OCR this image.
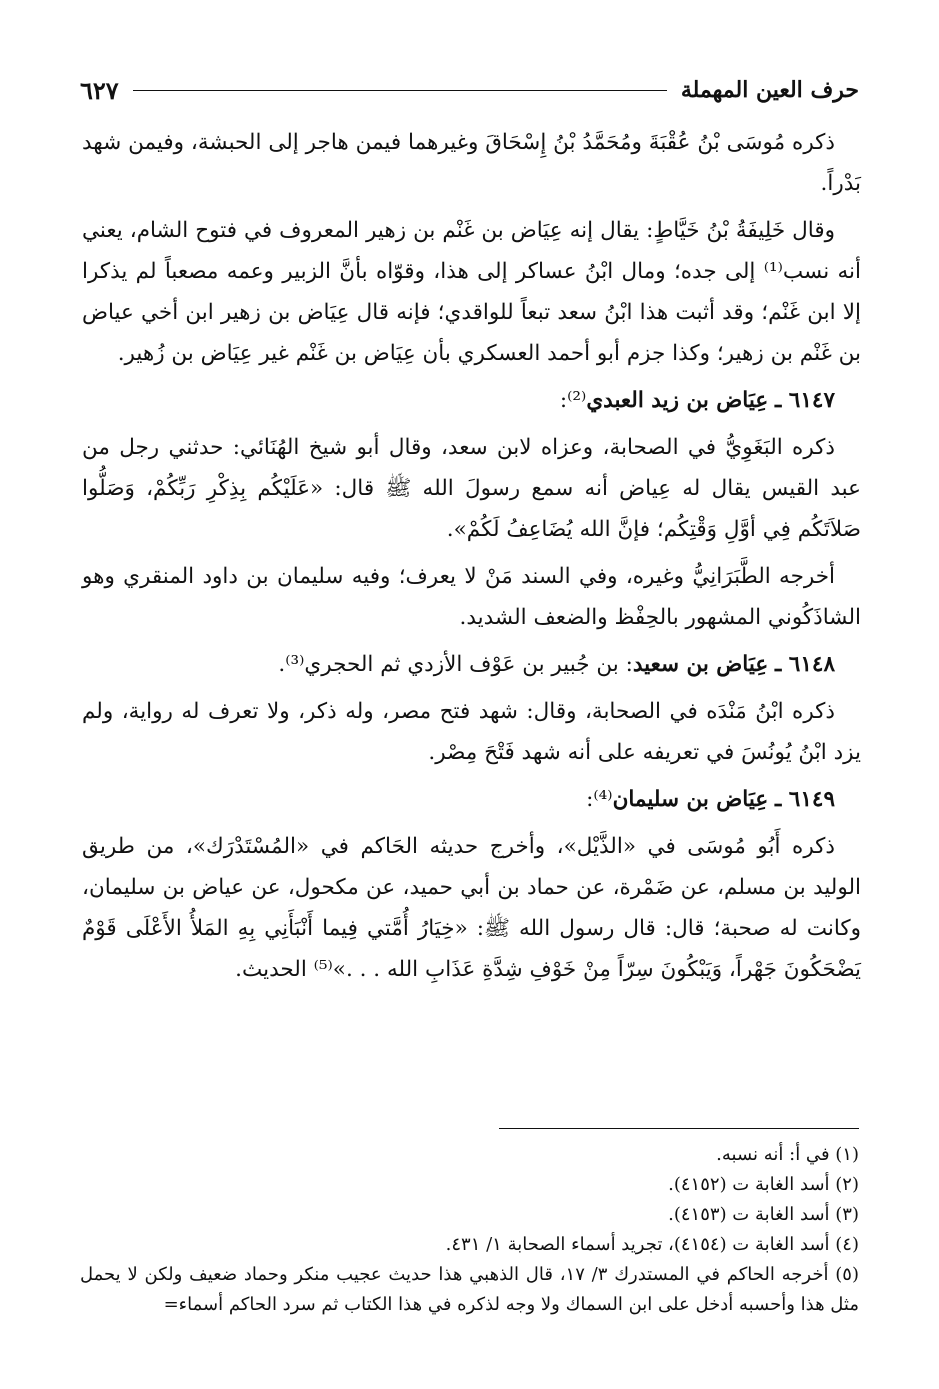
حرف العين المهملة
٦٢٧

ذكره مُوسَى بْنُ عُقْبَةَ ومُحَمَّدُ بْنُ إِسْحَاقَ وغيرهما فيمن هاجر إلى الحبشة، وفيمن شهد بَدْراً.

وقال خَلِيفَةُ بْنُ خَيَّاطٍ: يقال إنه عِيَاض بن غَنْم بن زهير المعروف في فتوح الشام، يعني أنه نسب⁽¹⁾ إلى جده؛ ومال ابْنُ عساكر إلى هذا، وقوّاه بأنَّ الزبير وعمه مصعباً لم يذكرا إلا ابن غَنْم؛ وقد أثبت هذا ابْنُ سعد تبعاً للواقدي؛ فإنه قال عِيَاض بن زهير ابن أخي عياض بن غَنْم بن زهير؛ وكذا جزم أبو أحمد العسكري بأن عِيَاض بن غَنْم غير عِيَاض بن زُهير.

٦١٤٧ ـ عِيَاض بن زيد العبدي⁽²⁾:

ذكره البَغَوِيُّ في الصحابة، وعزاه لابن سعد، وقال أبو شيخ الهُنَائي: حدثني رجل من عبد القيس يقال له عِياض أنه سمع رسولَ الله ﷺ قال: «عَلَيْكُم بِذِكْرِ رَبِّكُمْ، وَصَلُّوا صَلاَتَكُم فِي أوَّلِ وَقْتِكُم؛ فإنَّ الله يُضَاعِفُ لَكُمْ».

أخرجه الطَّبَرَانِيُّ وغيره، وفي السند مَنْ لا يعرف؛ وفيه سليمان بن داود المنقري وهو الشاذَكُوني المشهور بالحِفْظ والضعف الشديد.

٦١٤٨ ـ عِيَاض بن سعيد: بن جُبير بن عَوْف الأزدي ثم الحجري⁽³⁾.

ذكره ابْنُ مَنْدَه في الصحابة، وقال: شهد فتح مصر، وله ذكر، ولا تعرف له رواية، ولم يزد ابْنُ يُونُسَ في تعريفه على أنه شهد فَتْحَ مِصْر.

٦١٤٩ ـ عِيَاض بن سليمان⁽⁴⁾:

ذكره أَبُو مُوسَى في «الذَّيْل»، وأخرج حديثه الحَاكم في «المُسْتَدْرَك»، من طريق الوليد بن مسلم، عن ضَمْرة، عن حماد بن أبي حميد، عن مكحول، عن عياض بن سليمان، وكانت له صحبة؛ قال: قال رسول الله ﷺ: «خِيَارُ أُمَّتي فِيما أَنْبَأَنِي بِهِ المَلأُ الأَعْلَى قَوْمٌ يَضْحَكُونَ جَهْراً، وَيَبْكُونَ سِرّاً مِنْ خَوْفِ شِدَّةِ عَذَابِ الله . . .»⁽⁵⁾ الحديث.

(١) في أ: أنه نسبه.
(٢) أسد الغابة ت (٤١٥٢).
(٣) أسد الغابة ت (٤١٥٣).
(٤) أسد الغابة ت (٤١٥٤)، تجريد أسماء الصحابة ١/ ٤٣١.
(٥) أخرجه الحاكم في المستدرك ٣/ ١٧، قال الذهبي هذا حديث عجيب منكر وحماد ضعيف ولكن لا يحمل مثل هذا وأحسبه أدخل على ابن السماك ولا وجه لذكره في هذا الكتاب ثم سرد الحاكم أسماء=
